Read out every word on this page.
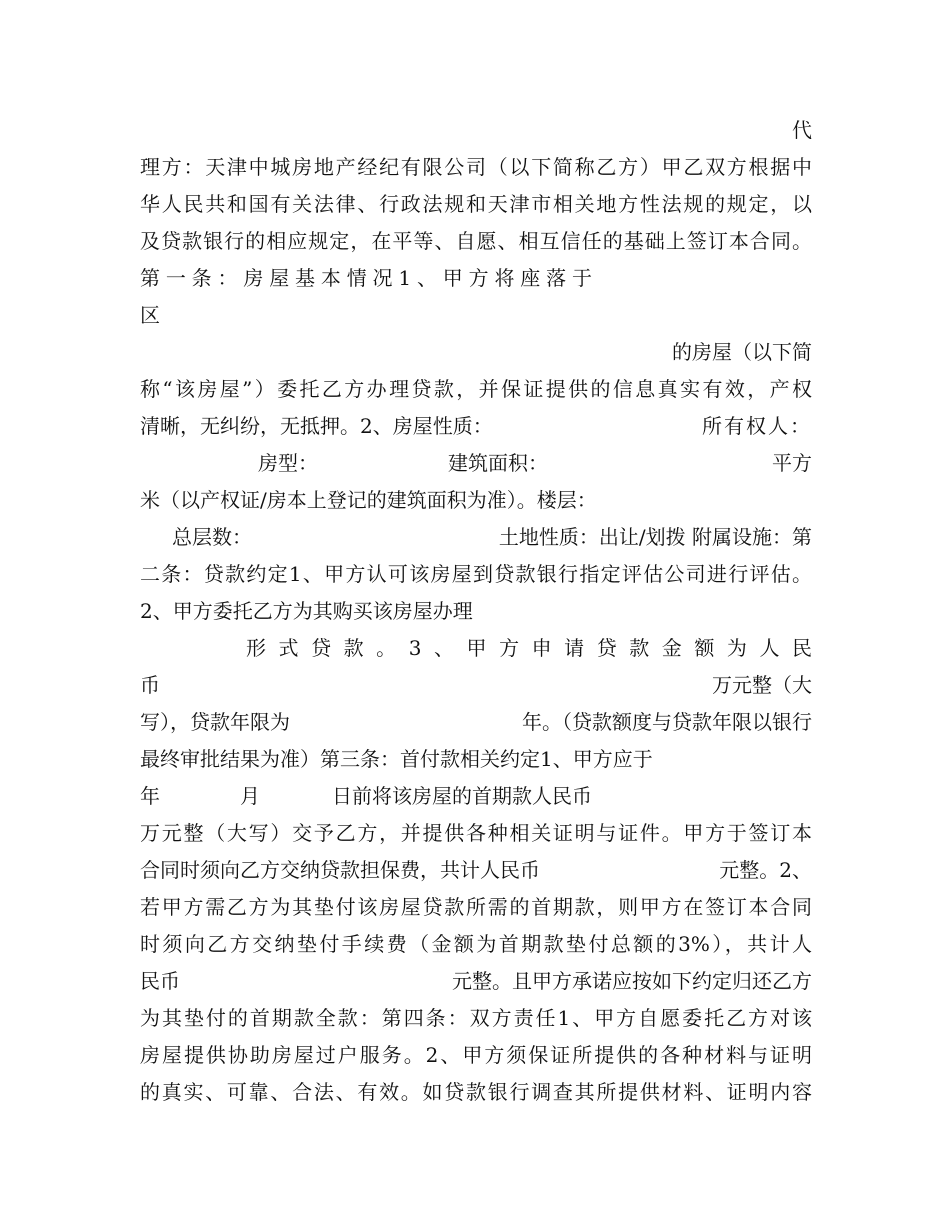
代
理方：天津中城房地产经纪有限公司（以下简称乙方）甲乙双方根据中
华人民共和国有关法律、行政法规和天津市相关地方性法规的规定，以
及贷款银行的相应规定，在平等、自愿、相互信任的基础上签订本合同。
第一条：房屋基本情况1、甲方将座落于
区
的房屋（以下简
称“该房屋”）委托乙方办理贷款，并保证提供的信息真实有效，产权
清晰，无纠纷，无抵押。2、房屋性质：	所有权人：
房型：	建筑面积：	平方
米（以产权证/房本上登记的建筑面积为准）。楼层：
总层数：	土地性质：出让/划拨 附属设施：第
二条：贷款约定1、甲方认可该房屋到贷款银行指定评估公司进行评估。
2、甲方委托乙方为其购买该房屋办理
形式贷款。3、甲方申请贷款金额为人民
币	万元整（大
写），贷款年限为	年。（贷款额度与贷款年限以银行
最终审批结果为准）第三条：首付款相关约定1、甲方应于
年	月	日前将该房屋的首期款人民币
万元整（大写）交予乙方，并提供各种相关证明与证件。甲方于签订本
合同时须向乙方交纳贷款担保费，共计人民币	元整。2、
若甲方需乙方为其垫付该房屋贷款所需的首期款，则甲方在签订本合同
时须向乙方交纳垫付手续费（金额为首期款垫付总额的3%），共计人
民币	元整。且甲方承诺应按如下约定归还乙方
为其垫付的首期款全款：第四条：双方责任1、甲方自愿委托乙方对该
房屋提供协助房屋过户服务。2、甲方须保证所提供的各种材料与证明
的真实、可靠、合法、有效。如贷款银行调查其所提供材料、证明内容
